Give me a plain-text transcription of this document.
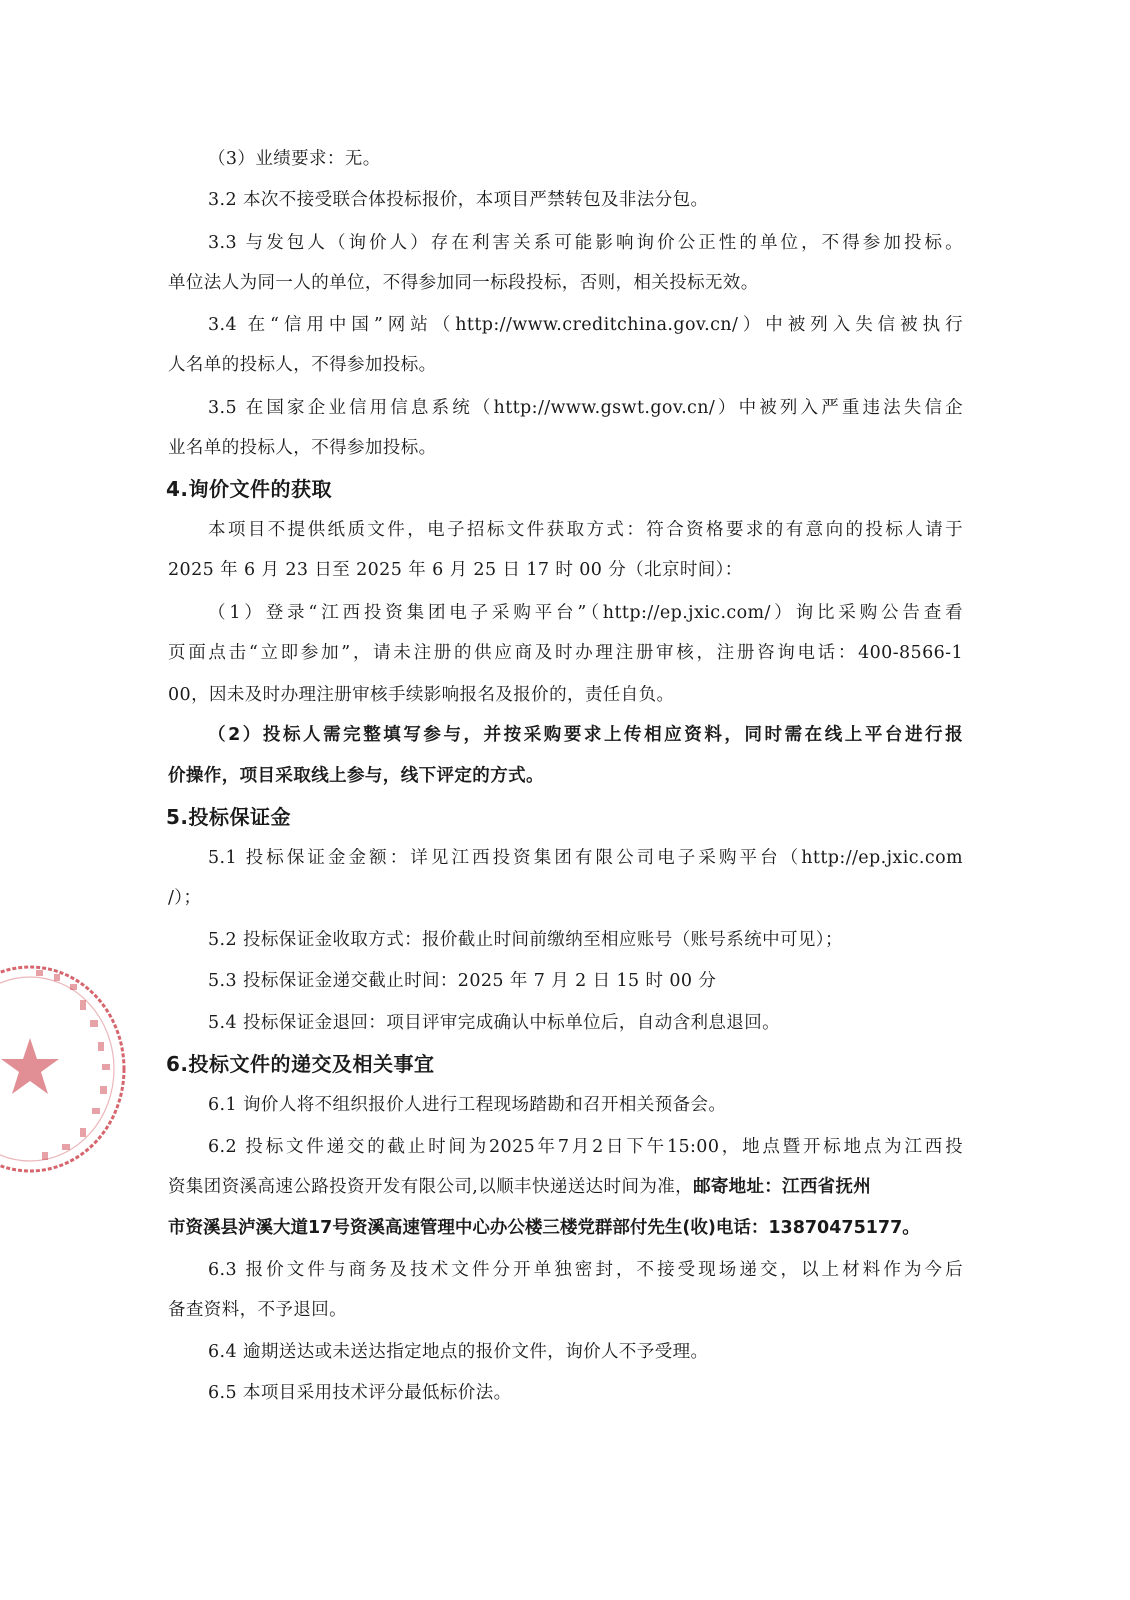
（3）业绩要求：无。
3.2 本次不接受联合体投标报价，本项目严禁转包及非法分包。
3.3 与发包人（询价人）存在利害关系可能影响询价公正性的单位，不得参加投标。
单位法人为同一人的单位，不得参加同一标段投标，否则，相关投标无效。
3.4 在“信用中国”网站（http://www.creditchina.gov.cn/）中被列入失信被执行
人名单的投标人，不得参加投标。
3.5 在国家企业信用信息系统（http://www.gswt.gov.cn/）中被列入严重违法失信企
业名单的投标人，不得参加投标。
4.询价文件的获取
本项目不提供纸质文件，电子招标文件获取方式：符合资格要求的有意向的投标人请于
2025 年 6 月 23 日至 2025 年 6 月 25 日 17 时 00 分（北京时间）：
（1）登录“江西投资集团电子采购平台”（http://ep.jxic.com/）询比采购公告查看
页面点击“立即参加”，请未注册的供应商及时办理注册审核，注册咨询电话：400-8566-1
00，因未及时办理注册审核手续影响报名及报价的，责任自负。
（2）投标人需完整填写参与，并按采购要求上传相应资料，同时需在线上平台进行报
价操作，项目采取线上参与，线下评定的方式。
5.投标保证金
5.1 投标保证金金额：详见江西投资集团有限公司电子采购平台（http://ep.jxic.com
/）；
5.2 投标保证金收取方式：报价截止时间前缴纳至相应账号（账号系统中可见）；
5.3 投标保证金递交截止时间：2025 年 7 月 2 日 15 时 00 分
5.4 投标保证金退回：项目评审完成确认中标单位后，自动含利息退回。
6.投标文件的递交及相关事宜
6.1 询价人将不组织报价人进行工程现场踏勘和召开相关预备会。
6.2 投标文件递交的截止时间为2025年7月2日下午15:00，地点暨开标地点为江西投
资集团资溪高速公路投资开发有限公司,以顺丰快递送达时间为准，邮寄地址：江西省抚州
市资溪县泸溪大道17号资溪高速管理中心办公楼三楼党群部付先生(收)电话：13870475177。
6.3 报价文件与商务及技术文件分开单独密封，不接受现场递交，以上材料作为今后
备查资料，不予退回。
6.4 逾期送达或未送达指定地点的报价文件，询价人不予受理。
6.5 本项目采用技术评分最低标价法。
